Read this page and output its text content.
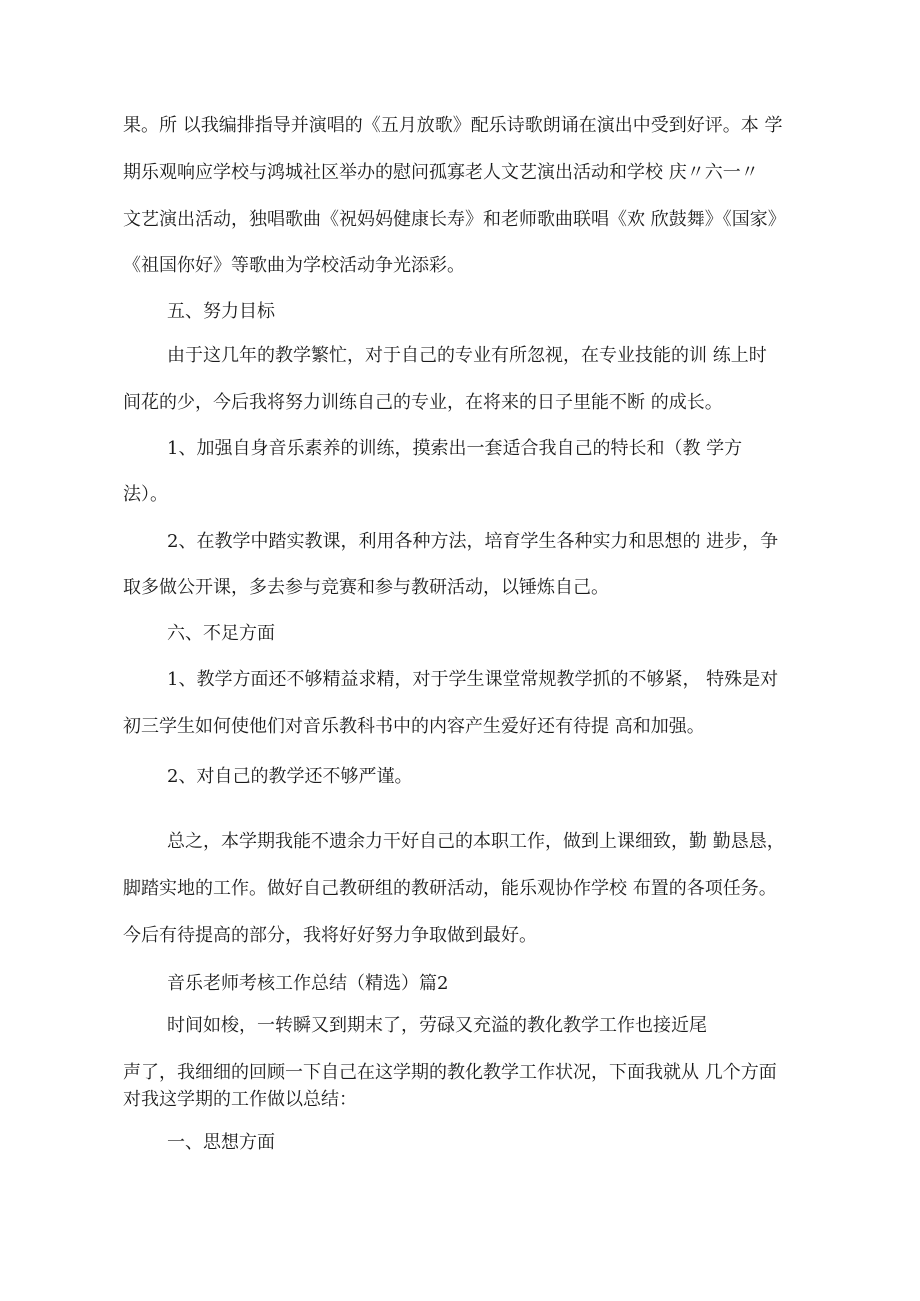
果。所 以我编排指导并演唱的《五月放歌》配乐诗歌朗诵在演出中受到好评。本 学

期乐观响应学校与鸿城社区举办的慰问孤寡老人文艺演出活动和学校 庆〃六一〃

文艺演出活动，独唱歌曲《祝妈妈健康长寿》和老师歌曲联唱《欢 欣鼓舞》《国家》

《祖国你好》等歌曲为学校活动争光添彩。

五、努力目标

由于这几年的教学繁忙，对于自己的专业有所忽视，在专业技能的训 练上时

间花的少，今后我将努力训练自己的专业，在将来的日子里能不断 的成长。

1、加强自身音乐素养的训练，摸索出一套适合我自己的特长和（教 学方

法）。

2、在教学中踏实教课，利用各种方法，培育学生各种实力和思想的 进步，争

取多做公开课，多去参与竞赛和参与教研活动，以锤炼自己。

六、不足方面

1、教学方面还不够精益求精，对于学生课堂常规教学抓的不够紧， 特殊是对

初三学生如何使他们对音乐教科书中的内容产生爱好还有待提 高和加强。

2、对自己的教学还不够严谨。

总之，本学期我能不遗余力干好自己的本职工作，做到上课细致，勤 勤恳恳，

脚踏实地的工作。做好自己教研组的教研活动，能乐观协作学校 布置的各项任务。

今后有待提高的部分，我将好好努力争取做到最好。

音乐老师考核工作总结（精选）篇2

时间如梭，一转瞬又到期末了，劳碌又充溢的教化教学工作也接近尾

声了，我细细的回顾一下自己在这学期的教化教学工作状况，下面我就从 几个方面

对我这学期的工作做以总结：

一、思想方面
